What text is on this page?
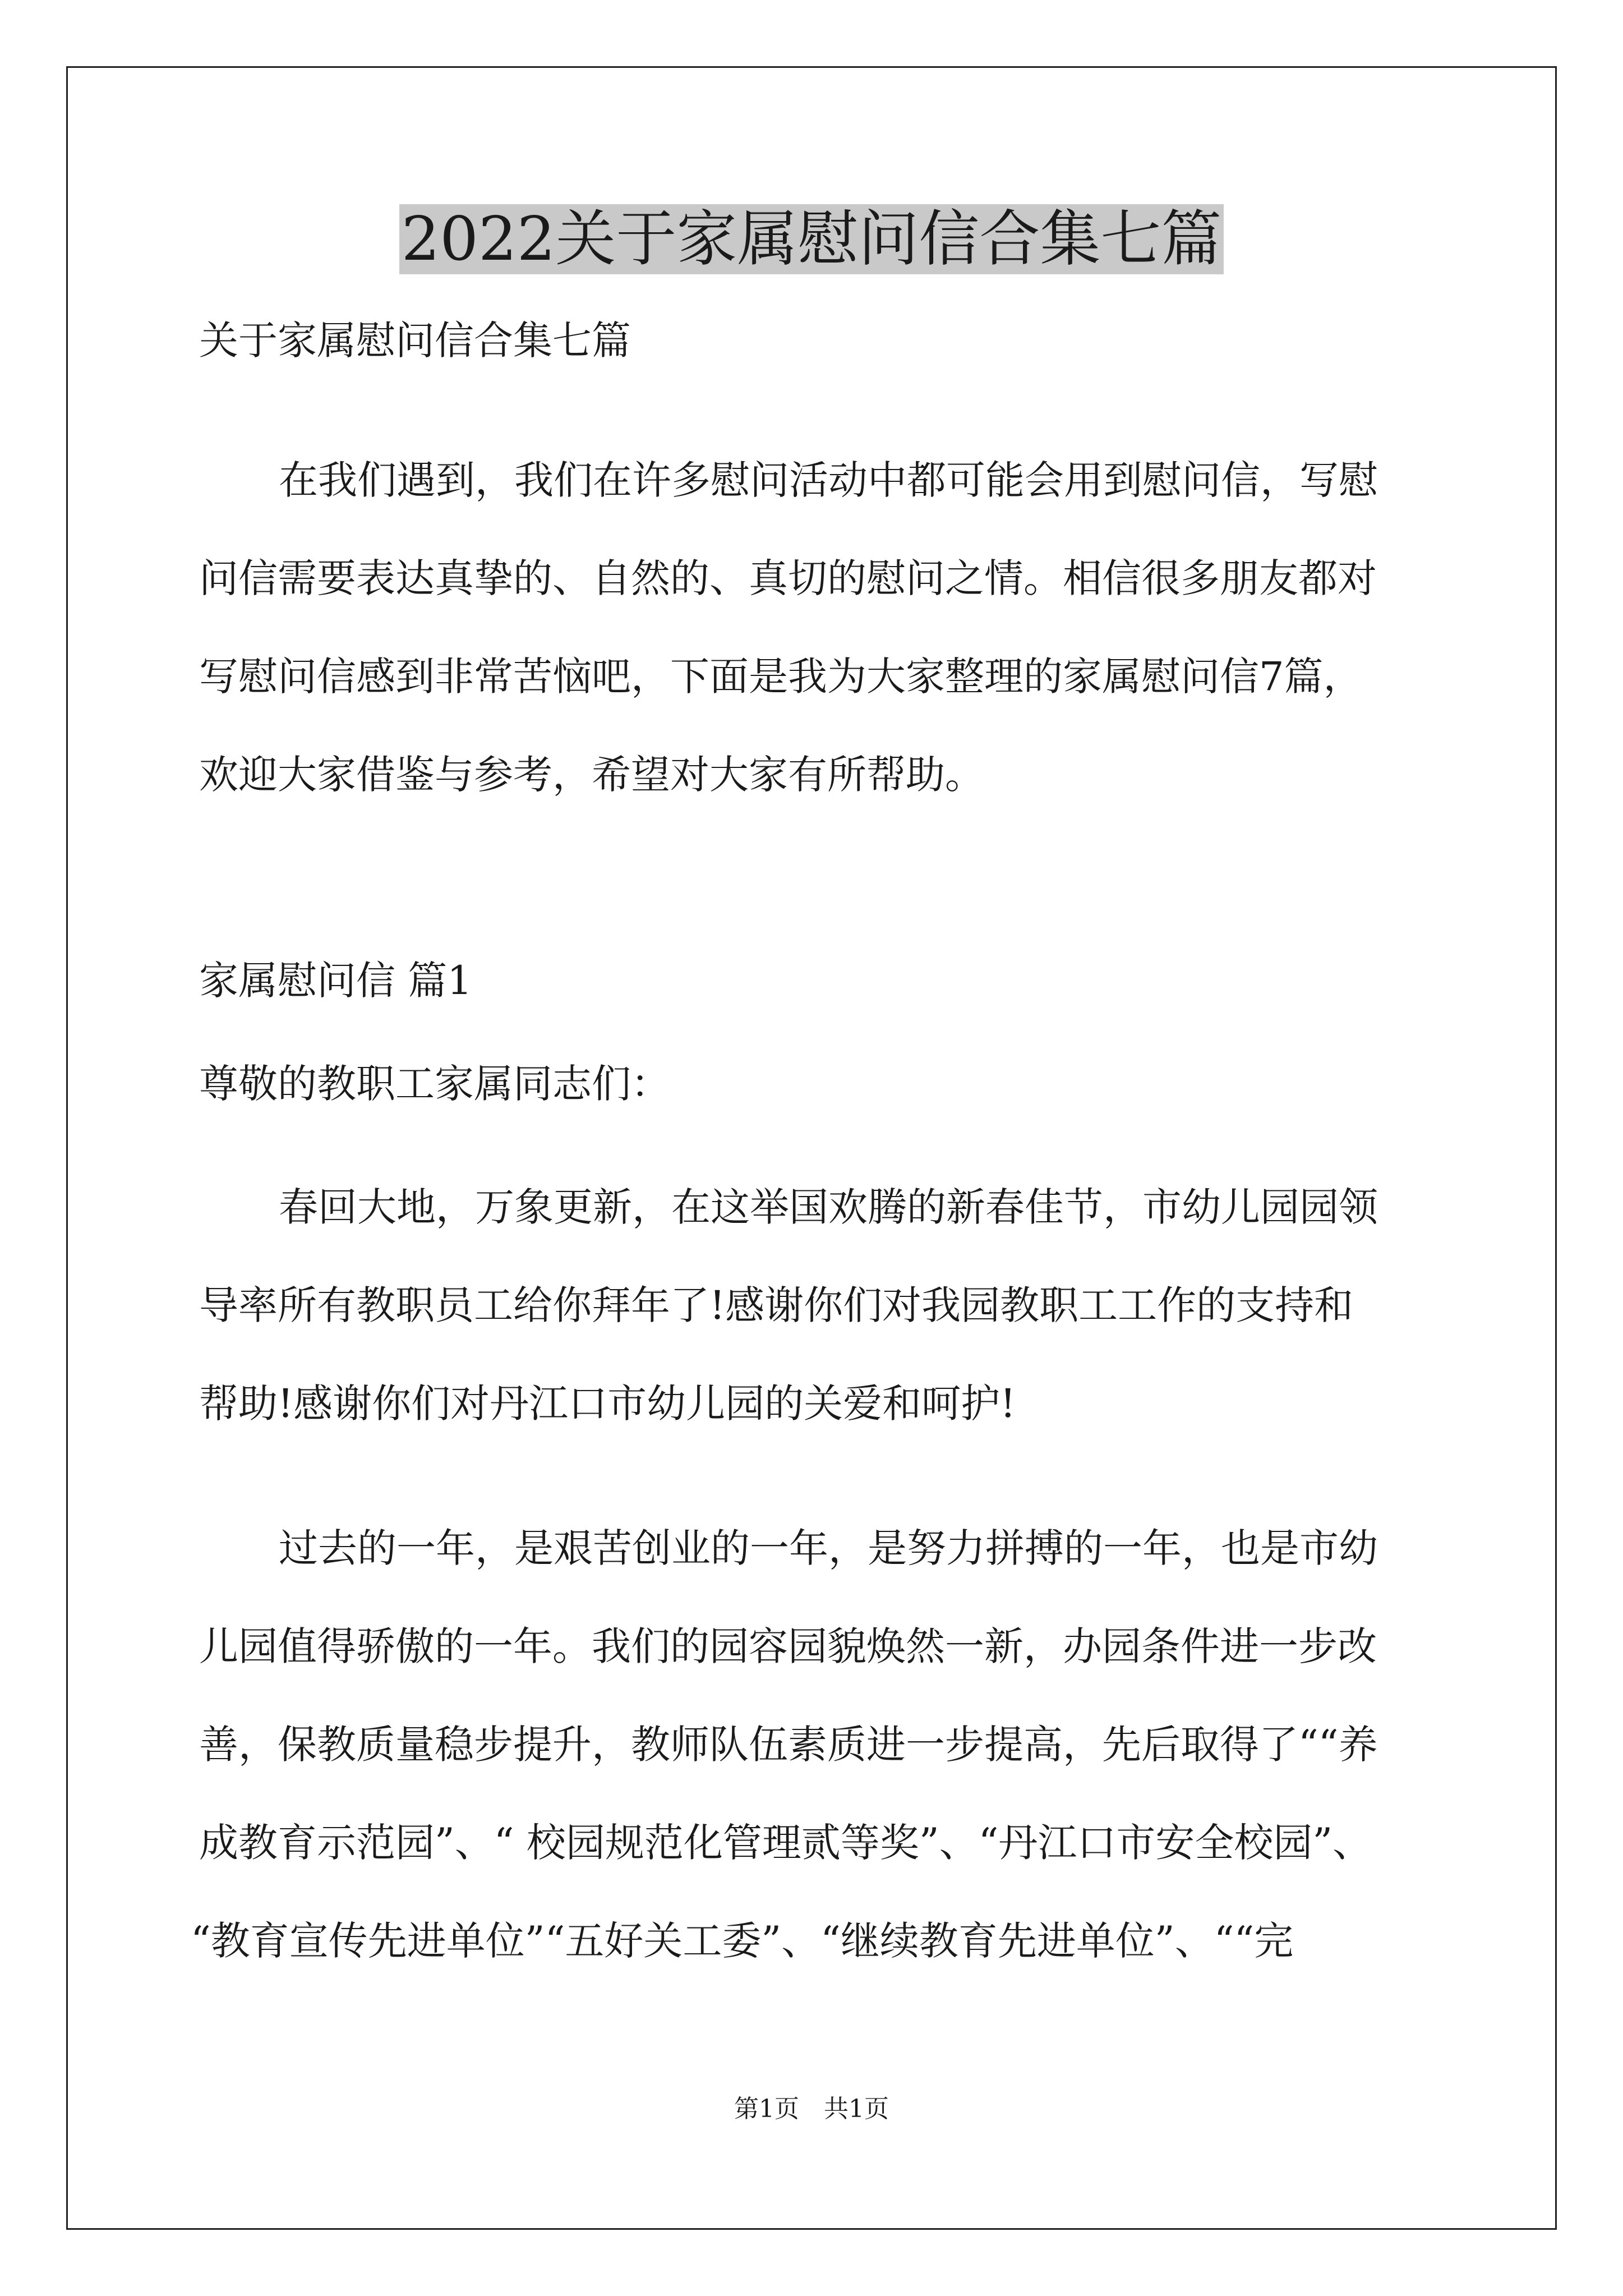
2022关于家属慰问信合集七篇

关于家属慰问信合集七篇

在我们遇到，我们在许多慰问活动中都可能会用到慰问信，写慰

问信需要表达真挚的、自然的、真切的慰问之情。相信很多朋友都对

写慰问信感到非常苦恼吧，下面是我为大家整理的家属慰问信7篇，

欢迎大家借鉴与参考，希望对大家有所帮助。

家属慰问信 篇1

尊敬的教职工家属同志们：

春回大地，万象更新，在这举国欢腾的新春佳节，市幼儿园园领

导率所有教职员工给你拜年了!感谢你们对我园教职工工作的支持和

帮助!感谢你们对丹江口市幼儿园的关爱和呵护!

过去的一年，是艰苦创业的一年，是努力拼搏的一年，也是市幼

儿园值得骄傲的一年。我们的园容园貌焕然一新，办园条件进一步改

善，保教质量稳步提升，教师队伍素质进一步提高，先后取得了““养

成教育示范园”、“ 校园规范化管理贰等奖”、“丹江口市安全校园”、

“教育宣传先进单位”“五好关工委”、“继续教育先进单位”、““完

第1页 共1页
